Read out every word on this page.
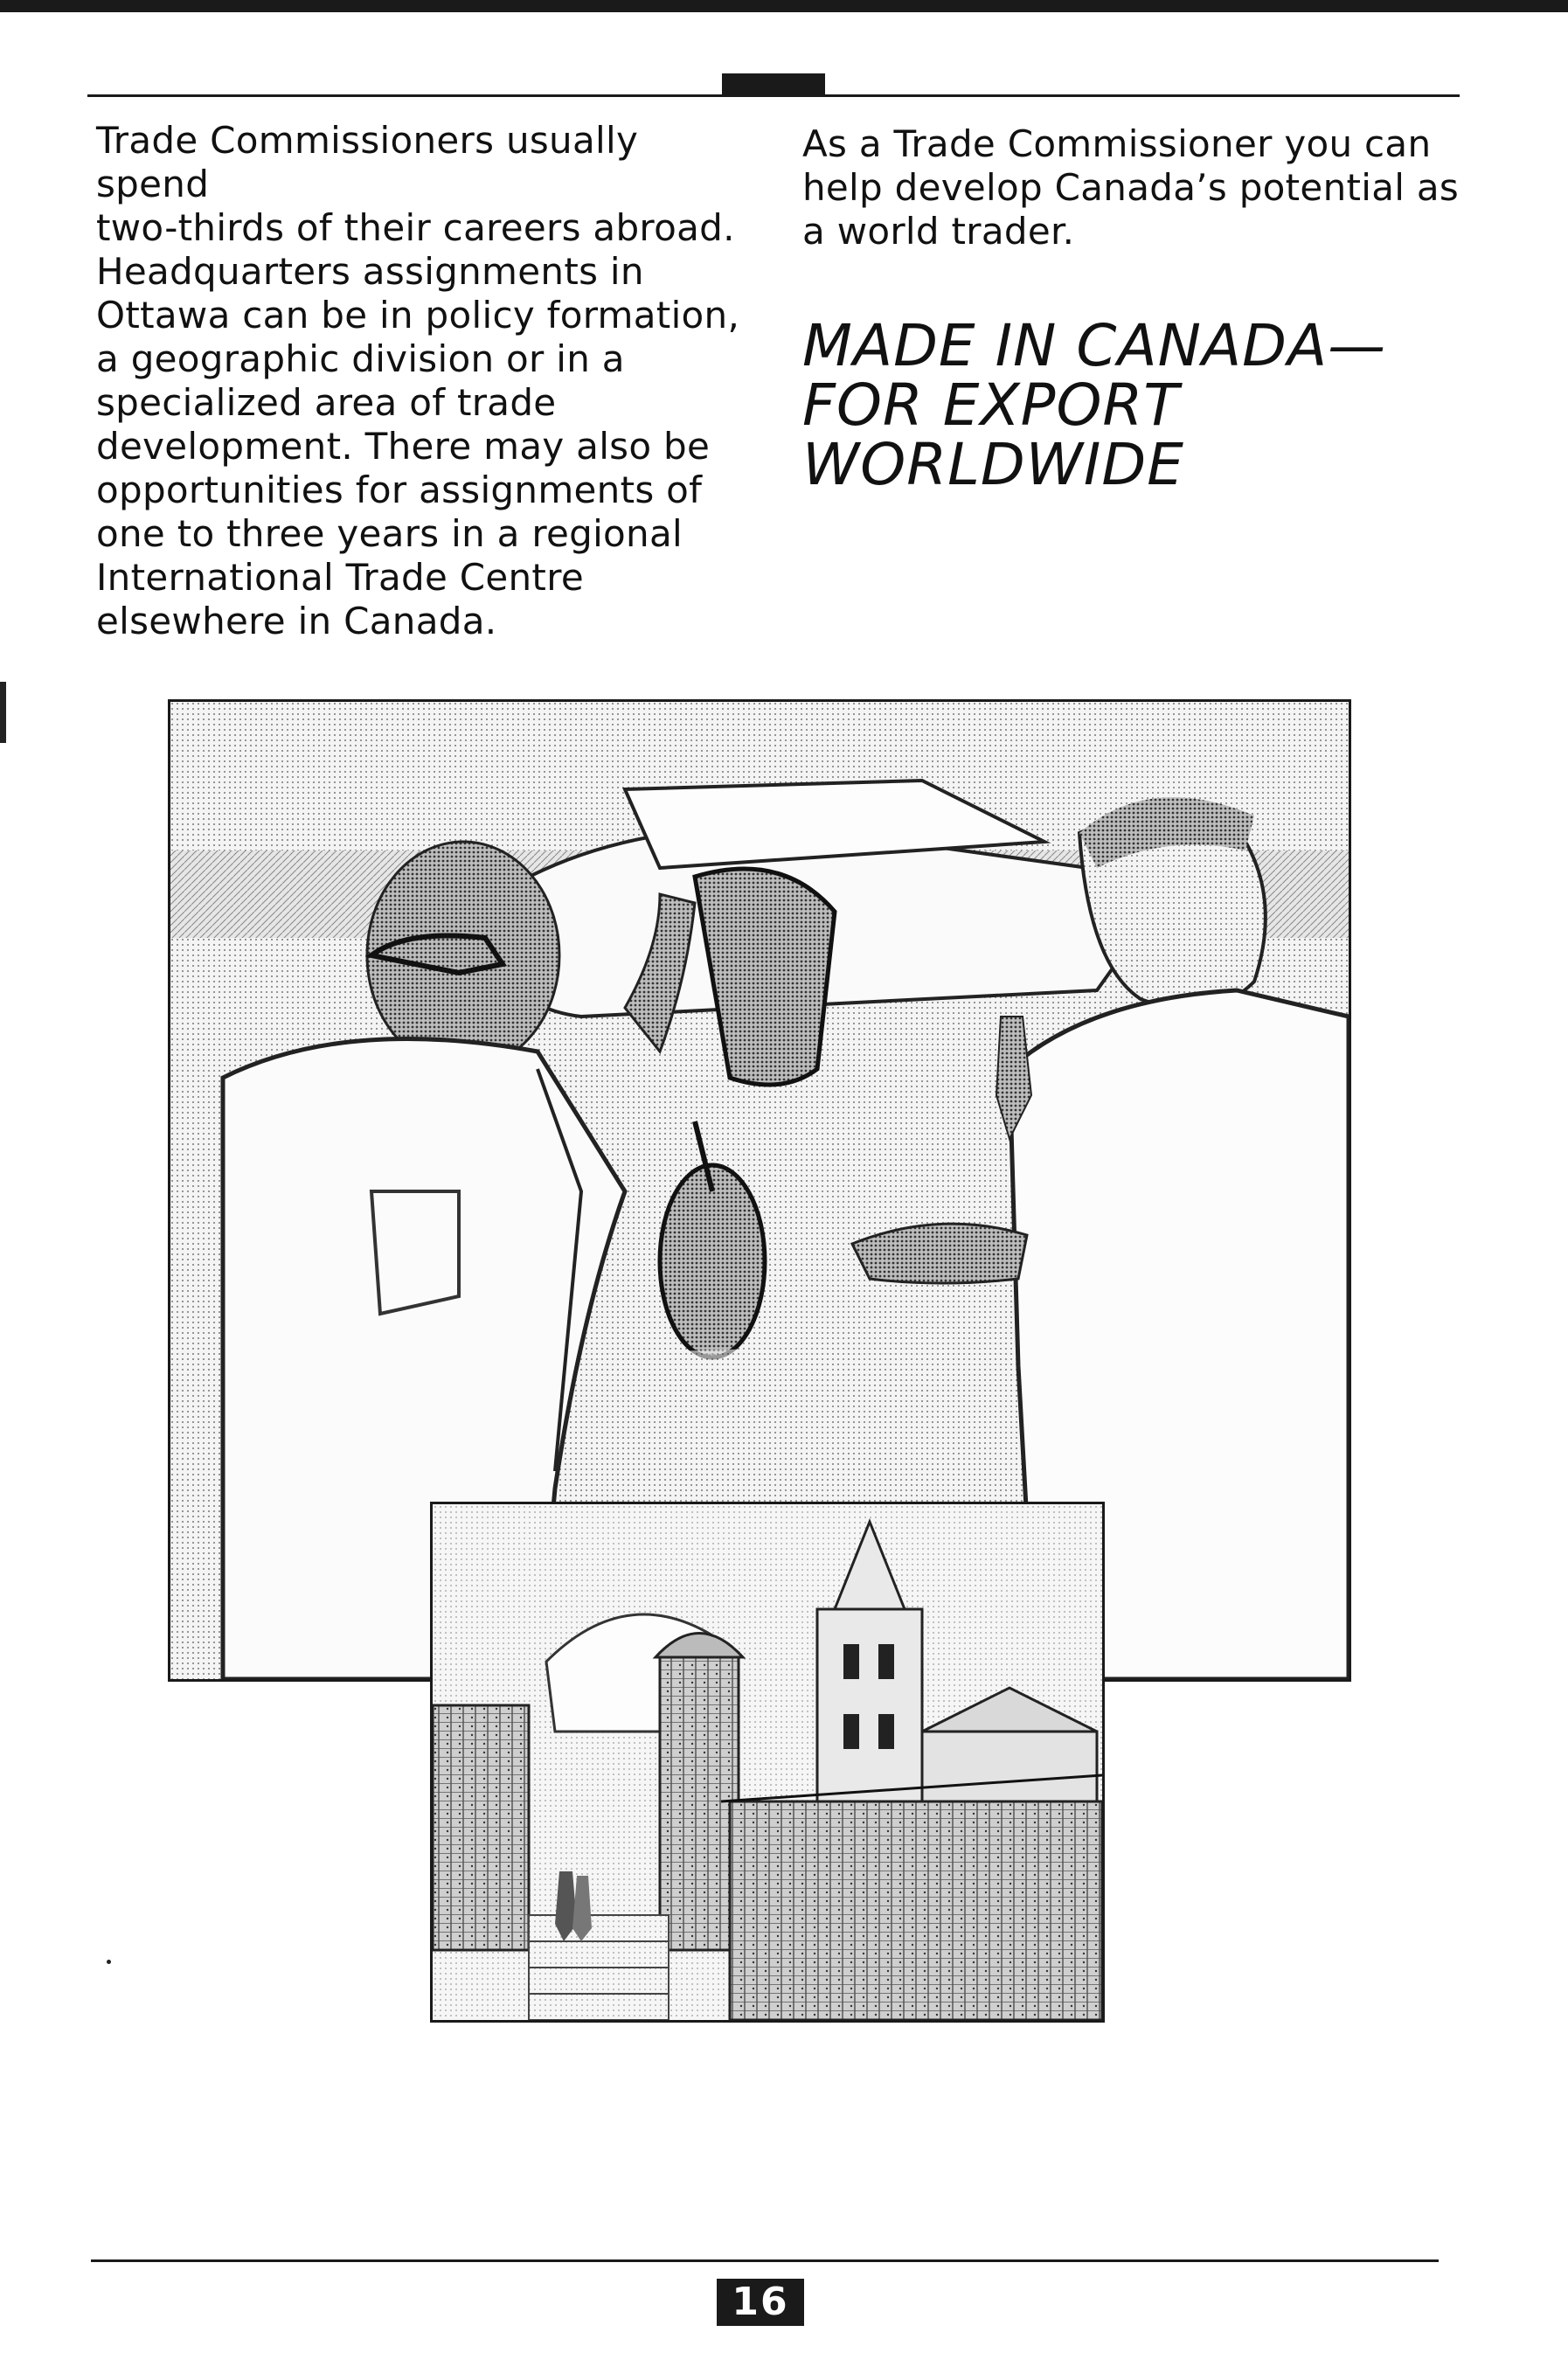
Trade Commissioners usually spend
two-thirds of their careers abroad.
Headquarters assignments in
Ottawa can be in policy formation,
a geographic division or in a
specialized area of trade
development. There may also be
opportunities for assignments of
one to three years in a regional
International Trade Centre
elsewhere in Canada.

As a Trade Commissioner you can
help develop Canada’s potential as
a world trader.

MADE IN CANADA—
FOR EXPORT
WORLDWIDE
16
